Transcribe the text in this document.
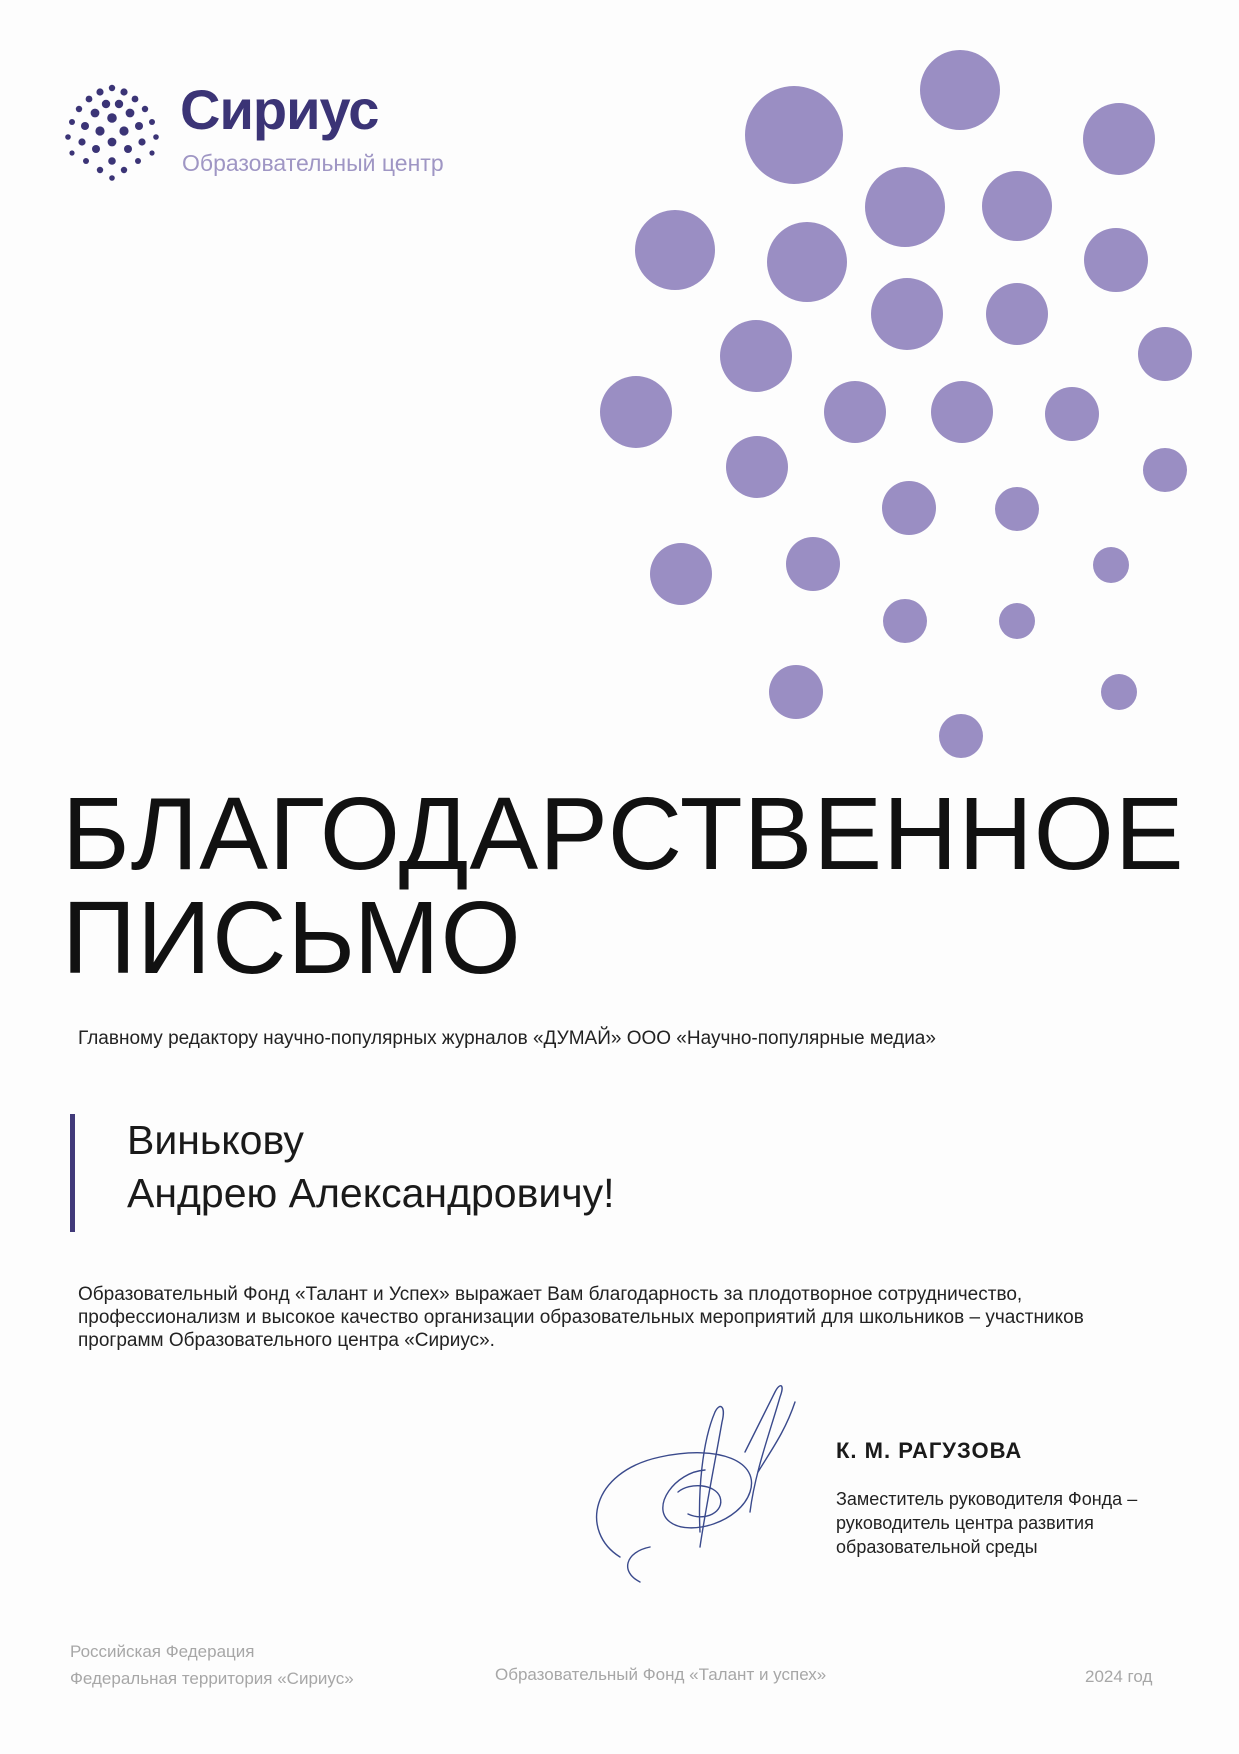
Сириус
Образовательный центр
БЛАГОДАРСТВЕННОЕ
ПИСЬМО
Главному редактору научно-популярных журналов «ДУМАЙ» ООО «Научно-популярные медиа»
Винькову
Андрею Александровичу!

Образовательный Фонд «Талант и Успех» выражает Вам благодарность за плодотворное сотрудничество, профессионализм и высокое качество организации образовательных мероприятий для школьников – участников программ Образовательного центра «Сириус».

К. М. РАГУЗОВА
Заместитель руководителя Фонда –
руководитель центра развития
образовательной среды
Российская Федерация
Федеральная территория «Сириус»	Образовательный Фонд «Талант и успех»	2024 год
